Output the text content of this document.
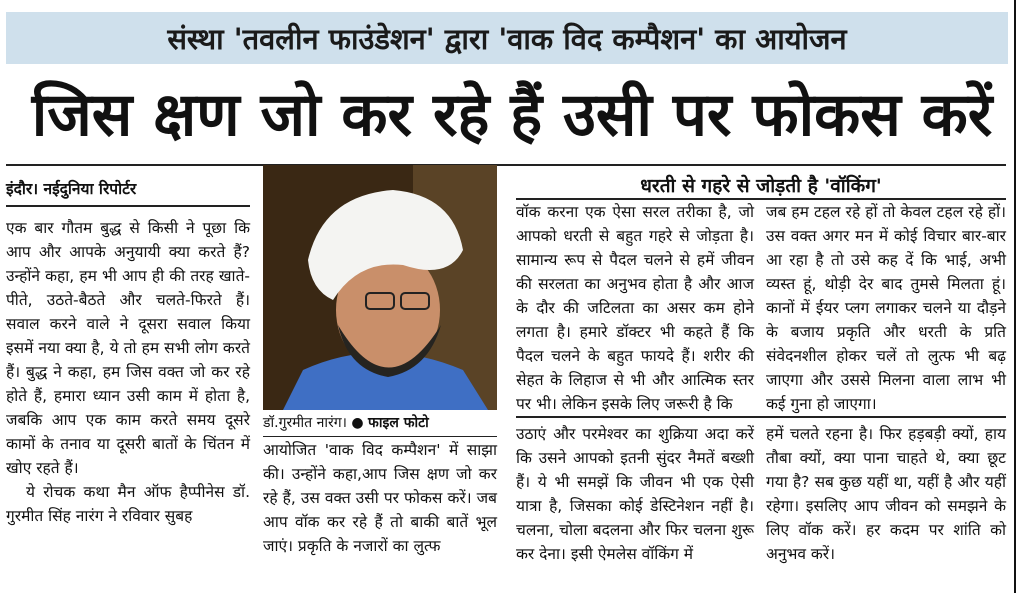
संस्था 'तवलीन फाउंडेशन' द्वारा 'वाक विद कम्पैशन' का आयोजन
जिस क्षण जो कर रहे हैं उसी पर फोकस करें
इंदौर। नईदुनिया रिपोर्टर

एक बार गौतम बुद्ध से किसी ने पूछा कि आप और आपके अनुयायी क्या करते हैं? उन्होंने कहा, हम भी आप ही की तरह खाते-पीते, उठते-बैठते और चलते-फिरते हैं। सवाल करने वाले ने दूसरा सवाल किया इसमें नया क्या है, ये तो हम सभी लोग करते हैं। बुद्ध ने कहा, हम जिस वक्त जो कर रहे होते हैं, हमारा ध्यान उसी काम में होता है, जबकि आप एक काम करते समय दूसरे कामों के तनाव या दूसरी बातों के चिंतन में खोए रहते हैं।

ये रोचक कथा मैन ऑफ हैप्पीनेस डॉ. गुरमीत सिंह नारंग ने रविवार सुबह

डॉ.गुरमीत नारंग। ● फाइल फोटो

आयोजित 'वाक विद कम्पैशन' में साझा की। उन्होंने कहा,आप जिस क्षण जो कर रहे हैं, उस वक्त उसी पर फोकस करें। जब आप वॉक कर रहे हैं तो बाकी बातें भूल जाएं। प्रकृति के नजारों का लुत्फ

धरती से गहरे से जोड़ती है 'वॉकिंग'

वॉक करना एक ऐसा सरल तरीका है, जो आपको धरती से बहुत गहरे से जोड़ता है। सामान्य रूप से पैदल चलने से हमें जीवन की सरलता का अनुभव होता है और आज के दौर की जटिलता का असर कम होने लगता है। हमारे डॉक्टर भी कहते हैं कि पैदल चलने के बहुत फायदे हैं। शरीर की सेहत के लिहाज से भी और आत्मिक स्तर पर भी। लेकिन इसके लिए जरूरी है कि

जब हम टहल रहे हों तो केवल टहल रहे हों। उस वक्त अगर मन में कोई विचार बार-बार आ रहा है तो उसे कह दें कि भाई, अभी व्यस्त हूं, थोड़ी देर बाद तुमसे मिलता हूं। कानों में ईयर प्लग लगाकर चलने या दौड़ने के बजाय प्रकृति और धरती के प्रति संवेदनशील होकर चलें तो लुत्फ भी बढ़ जाएगा और उससे मिलना वाला लाभ भी कई गुना हो जाएगा।

उठाएं और परमेश्वर का शुक्रिया अदा करें कि उसने आपको इतनी सुंदर नैमतें बख्शी हैं। ये भी समझें कि जीवन भी एक ऐसी यात्रा है, जिसका कोई डेस्टिनेशन नहीं है। चलना, चोला बदलना और फिर चलना शुरू कर देना। इसी ऐमलेस वॉकिंग में

हमें चलते रहना है। फिर हड़बड़ी क्यों, हाय तौबा क्यों, क्या पाना चाहते थे, क्या छूट गया है? सब कुछ यहीं था, यहीं है और यहीं रहेगा। इसलिए आप जीवन को समझने के लिए वॉक करें। हर कदम पर शांति को अनुभव करें।
